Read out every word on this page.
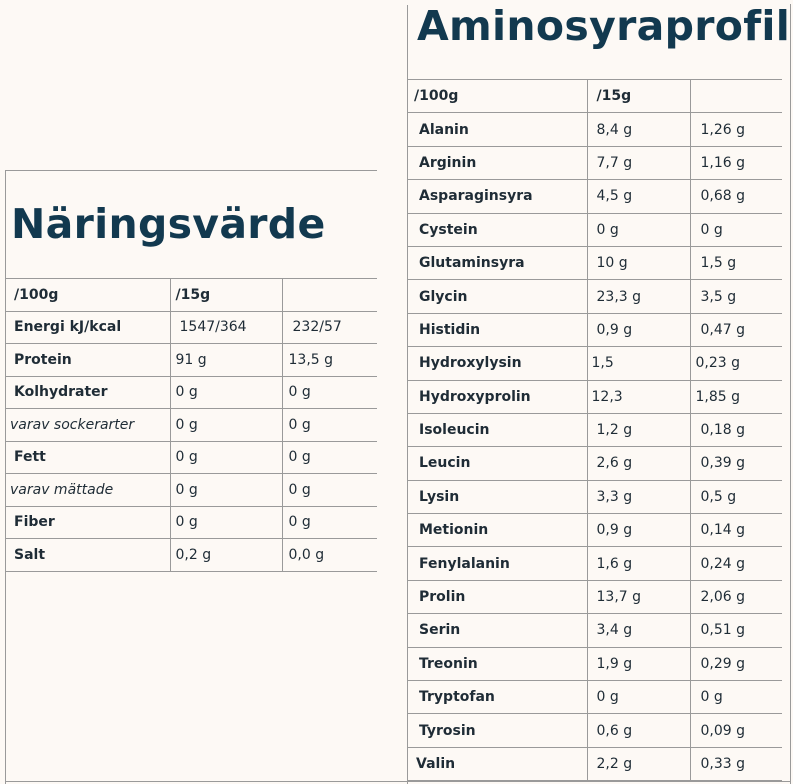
Näringsvärde
/100g	/15g	
Energi kJ/kcal	1547/364	232/57
Protein	91 g	13,5 g
Kolhydrater	0 g	0 g
varav sockerarter	0 g	0 g
Fett	0 g	0 g
varav mättade	0 g	0 g
Fiber	0 g	0 g
Salt	0,2 g	0,0 g
Aminosyraprofil
/100g	/15g	
Alanin	8,4 g	1,26 g
Arginin	7,7 g	1,16 g
Asparaginsyra	4,5 g	0,68 g
Cystein	0 g	0 g
Glutaminsyra	10 g	1,5 g
Glycin	23,3 g	3,5 g
Histidin	0,9 g	0,47 g
Hydroxylysin	1,5	0,23 g
Hydroxyprolin	12,3	1,85 g
Isoleucin	1,2 g	0,18 g
Leucin	2,6 g	0,39 g
Lysin	3,3 g	0,5 g
Metionin	0,9 g	0,14 g
Fenylalanin	1,6 g	0,24 g
Prolin	13,7 g	2,06 g
Serin	3,4 g	0,51 g
Treonin	1,9 g	0,29 g
Tryptofan	0 g	0 g
Tyrosin	0,6 g	0,09 g
Valin	2,2 g	0,33 g
